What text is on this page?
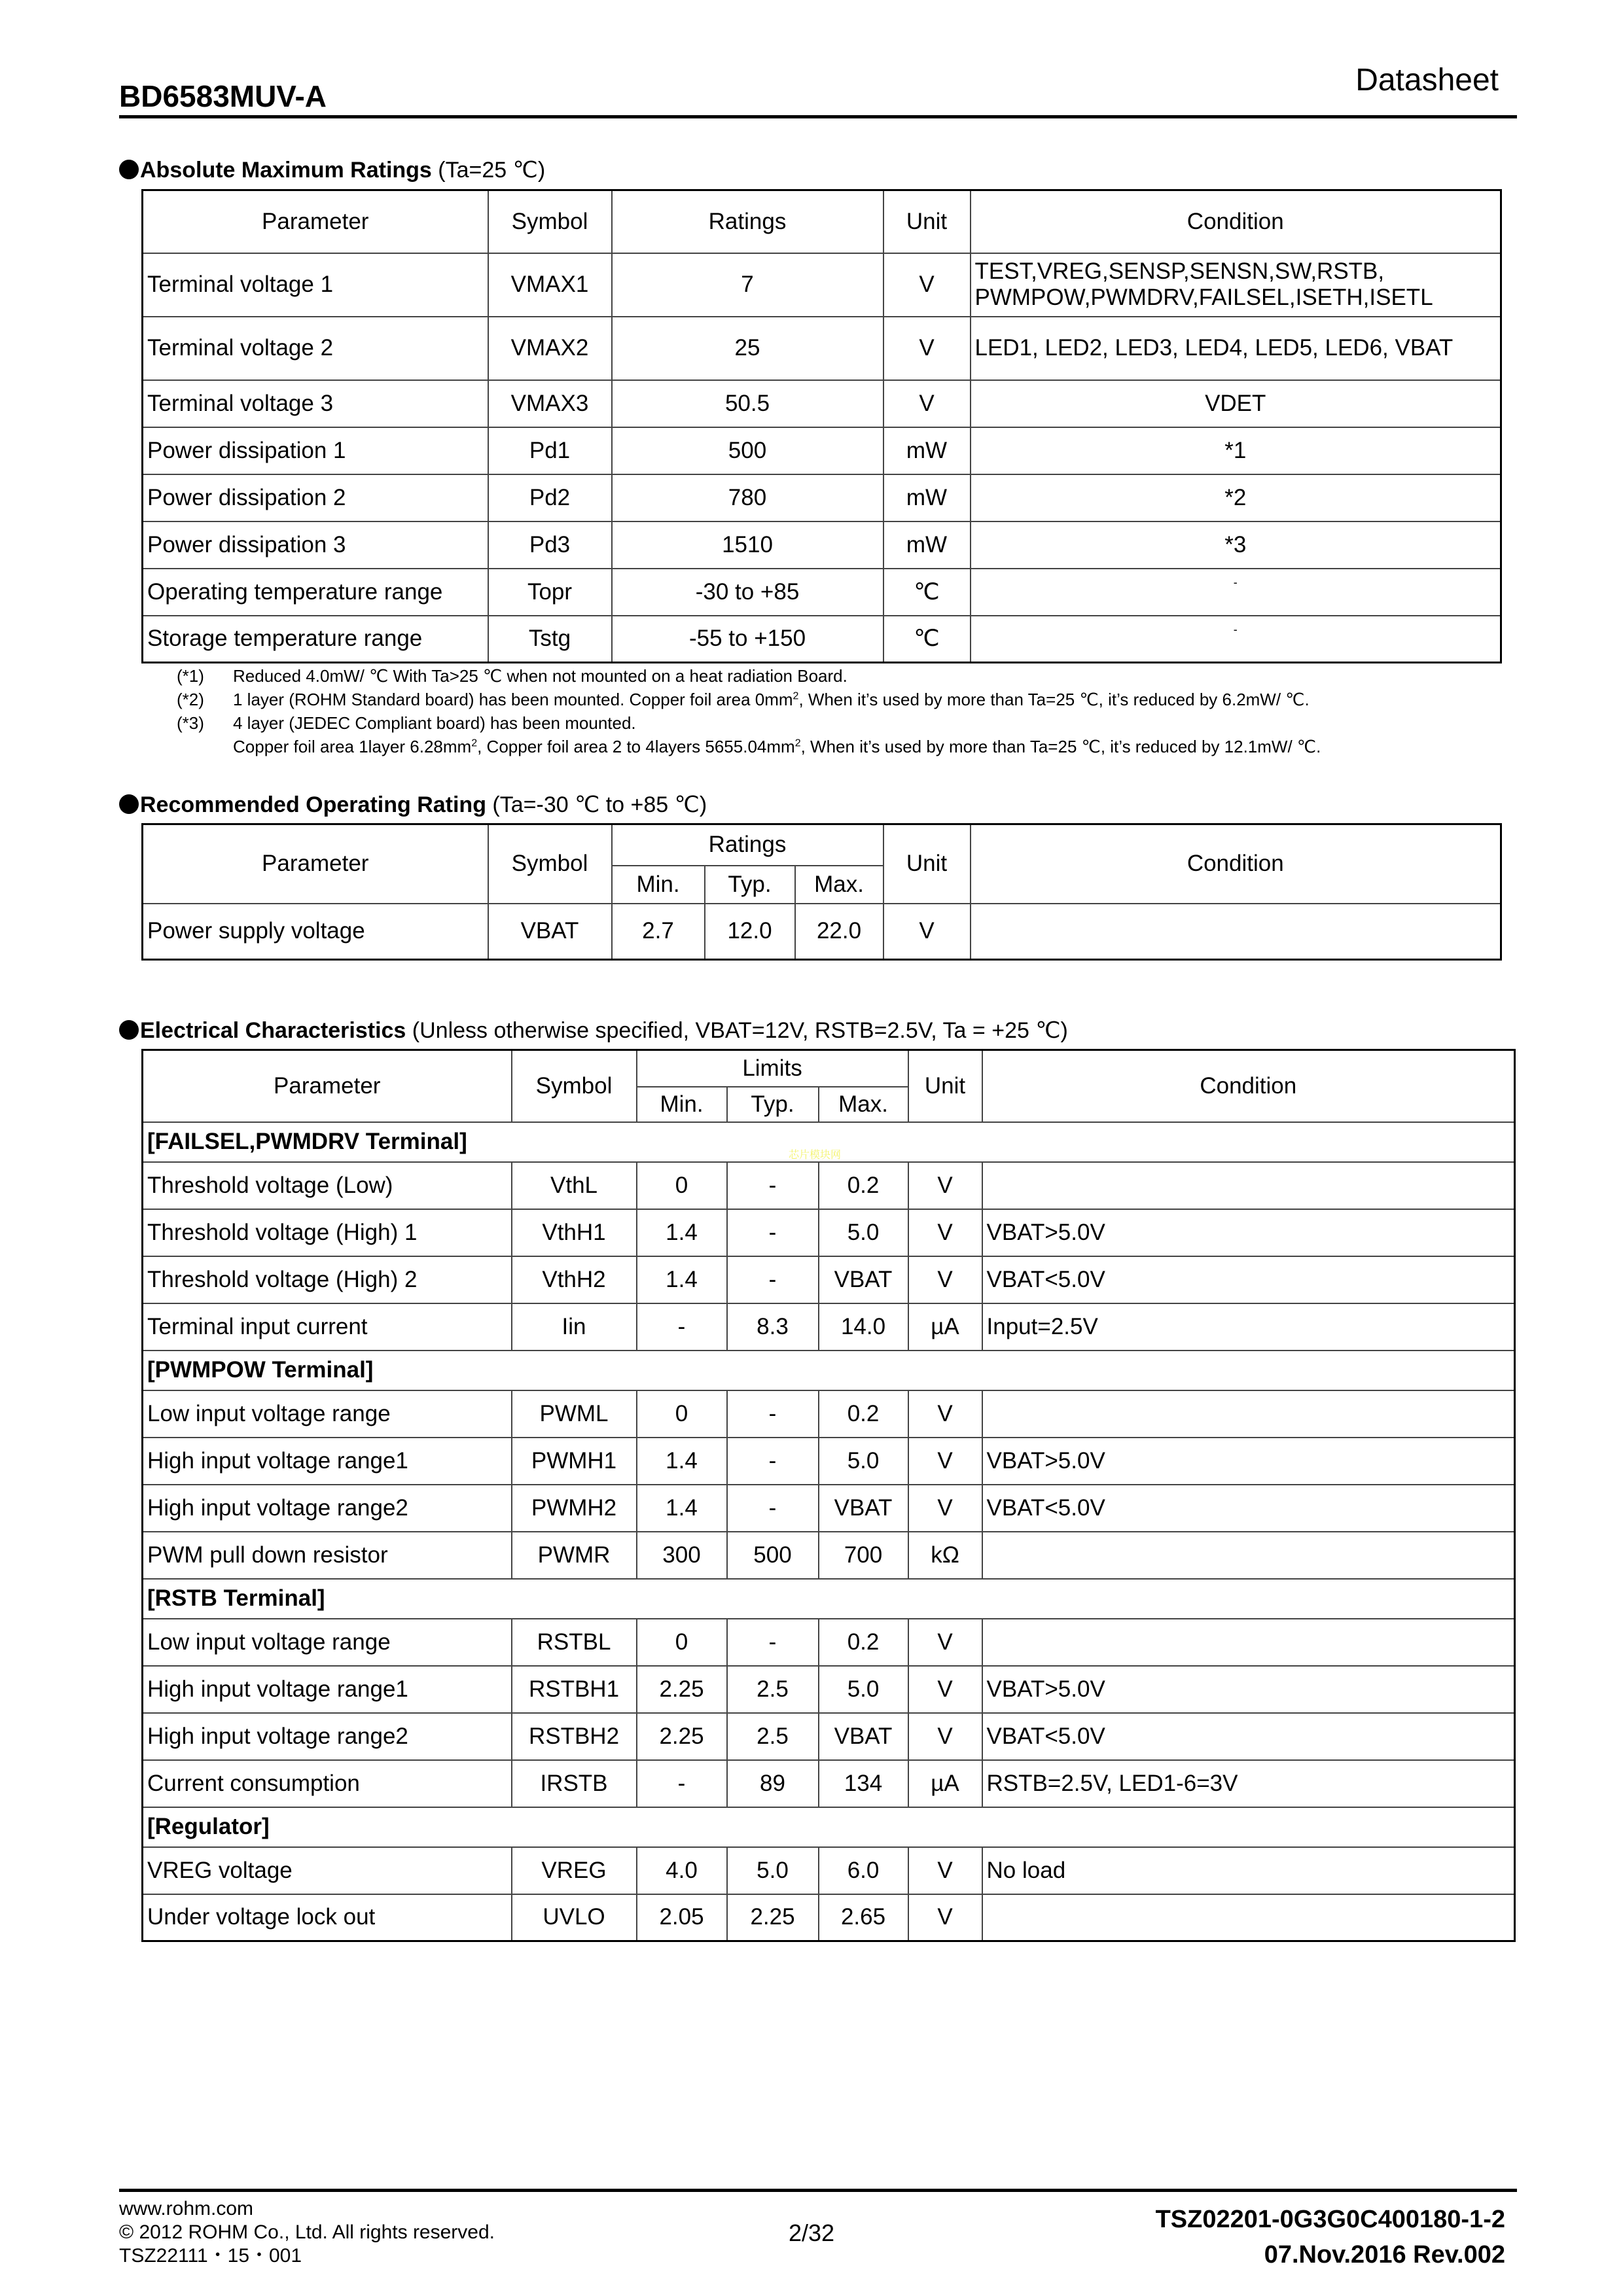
BD6583MUV-A	Datasheet
Absolute Maximum Ratings (Ta=25 ℃)
Parameter	Symbol	Ratings	Unit	Condition
Terminal voltage 1	VMAX1	7	V	TEST,VREG,SENSP,SENSN,SW,RSTB,
PWMPOW,PWMDRV,FAILSEL,ISETH,ISETL

Terminal voltage 2	VMAX2	25	V	LED1, LED2, LED3, LED4, LED5, LED6, VBAT
Terminal voltage 3	VMAX3	50.5	V	VDET
Power dissipation 1	Pd1	500	mW	*1
Power dissipation 2	Pd2	780	mW	*2
Power dissipation 3	Pd3	1510	mW	*3
Operating temperature range	Topr	-30 to +85	℃	-
Storage temperature range	Tstg	-55 to +150	℃	-
(*1) Reduced 4.0mW/ ℃ With Ta>25 ℃ when not mounted on a heat radiation Board.
(*2) 1 layer (ROHM Standard board) has been mounted. Copper foil area $0mm^2$, When it’s used by more than Ta=25 ℃, it’s reduced by 6.2mW/ ℃.
(*3) 4 layer (JEDEC Compliant board) has been mounted.
Copper foil area 1layer $6.28mm^2$, Copper foil area 2 to 4layers $5655.04mm^2$, When it’s used by more than Ta=25 ℃, it’s reduced by 12.1mW/ ℃.
Recommended Operating Rating (Ta=-30 ℃ to +85 ℃)
Parameter	Symbol	Ratings			Unit	Condition
		Min.	Typ.	Max.		
Power supply voltage	VBAT	2.7	12.0	22.0	V	
Electrical Characteristics (Unless otherwise specified, VBAT=12V, RSTB=2.5V, Ta = +25 ℃)
Parameter	Symbol	Limits			Unit	Condition
		Min.	Typ.	Max.		
[FAILSEL,PWMDRV Terminal]						
Threshold voltage (Low)	VthL	0	-	0.2	V	
Threshold voltage (High) 1	VthH1	1.4	-	5.0	V	VBAT>5.0V
Threshold voltage (High) 2	VthH2	1.4	-	VBAT	V	VBAT<5.0V
Terminal input current	Iin	-	8.3	14.0	µA	Input=2.5V
[PWMPOW Terminal]						
Low input voltage range	PWML	0	-	0.2	V	
High input voltage range1	PWMH1	1.4	-	5.0	V	VBAT>5.0V
High input voltage range2	PWMH2	1.4	-	VBAT	V	VBAT<5.0V
PWM pull down resistor	PWMR	300	500	700	kΩ	
[RSTB Terminal]						
Low input voltage range	RSTBL	0	-	0.2	V	
High input voltage range1	RSTBH1	2.25	2.5	5.0	V	VBAT>5.0V
High input voltage range2	RSTBH2	2.25	2.5	VBAT	V	VBAT<5.0V
Current consumption	IRSTB	-	89	134	µA	RSTB=2.5V, LED1-6=3V
[Regulator]						
VREG voltage	VREG	4.0	5.0	6.0	V	No load
Under voltage lock out	UVLO	2.05	2.25	2.65	V	
芯片模块网
www.rohm.com
© 2012 ROHM Co., Ltd. All rights reserved.
TSZ22111・15・001
2/32	TSZ02201-0G3G0C400180-1-2
07.Nov.2016 Rev.002
